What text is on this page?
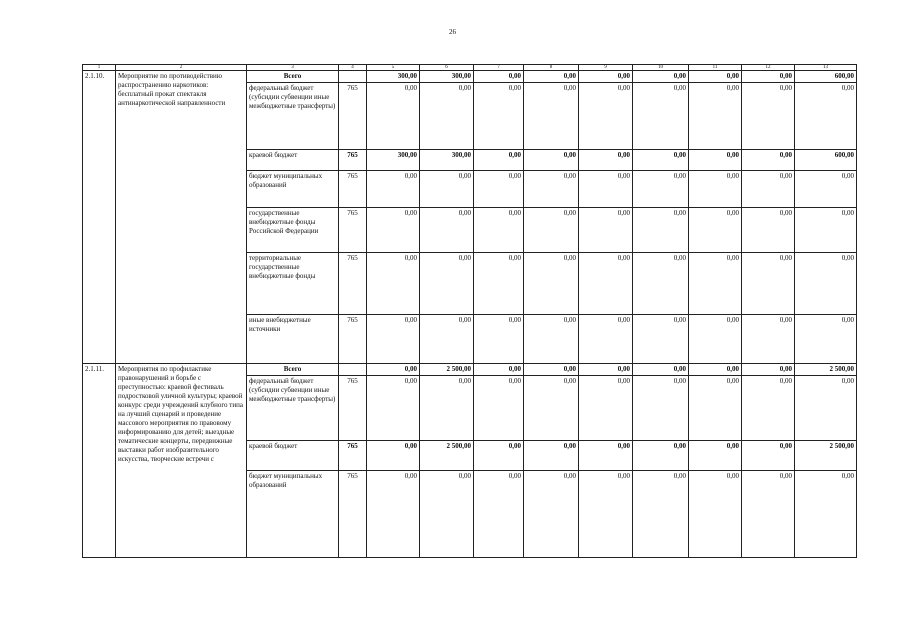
26
1	2	3	4	5	6	7	8	9	10	11	12	13
2.1.10.	Мероприятие по противодействию распространению наркотиков: бесплатный прокат спектакля антинаркотической направленности	Всего		300,00	300,00	0,00	0,00	0,00	0,00	0,00	0,00	600,00
		федеральный бюджет (субсидии субвенции иные межбюджетные трансферты)	765	0,00	0,00	0,00	0,00	0,00	0,00	0,00	0,00	0,00
		краевой бюджет	765	300,00	300,00	0,00	0,00	0,00	0,00	0,00	0,00	600,00
		бюджет муниципальных образований	765	0,00	0,00	0,00	0,00	0,00	0,00	0,00	0,00	0,00
		государственные внебюджетные фонды Российской Федерации	765	0,00	0,00	0,00	0,00	0,00	0,00	0,00	0,00	0,00
		территориальные государственные внебюджетные фонды	765	0,00	0,00	0,00	0,00	0,00	0,00	0,00	0,00	0,00
		иные внебюджетные источники	765	0,00	0,00	0,00	0,00	0,00	0,00	0,00	0,00	0,00
2.1.11.	Мероприятия по профилактике правонарушений и борьбе с преступностью: краевой фестиваль подростковой уличной культуры; краевой конкурс среди учреждений клубного типа на лучший сценарий и проведение массового мероприятия по правовому информированию для детей; выездные тематические концерты, передвижные выставки работ изобразительного искусства, творческие встречи с	Всего		0,00	2 500,00	0,00	0,00	0,00	0,00	0,00	0,00	2 500,00
		федеральный бюджет (субсидии субвенции иные межбюджетные трансферты)	765	0,00	0,00	0,00	0,00	0,00	0,00	0,00	0,00	0,00
		краевой бюджет	765	0,00	2 500,00	0,00	0,00	0,00	0,00	0,00	0,00	2 500,00
		бюджет муниципальных образований	765	0,00	0,00	0,00	0,00	0,00	0,00	0,00	0,00	0,00
